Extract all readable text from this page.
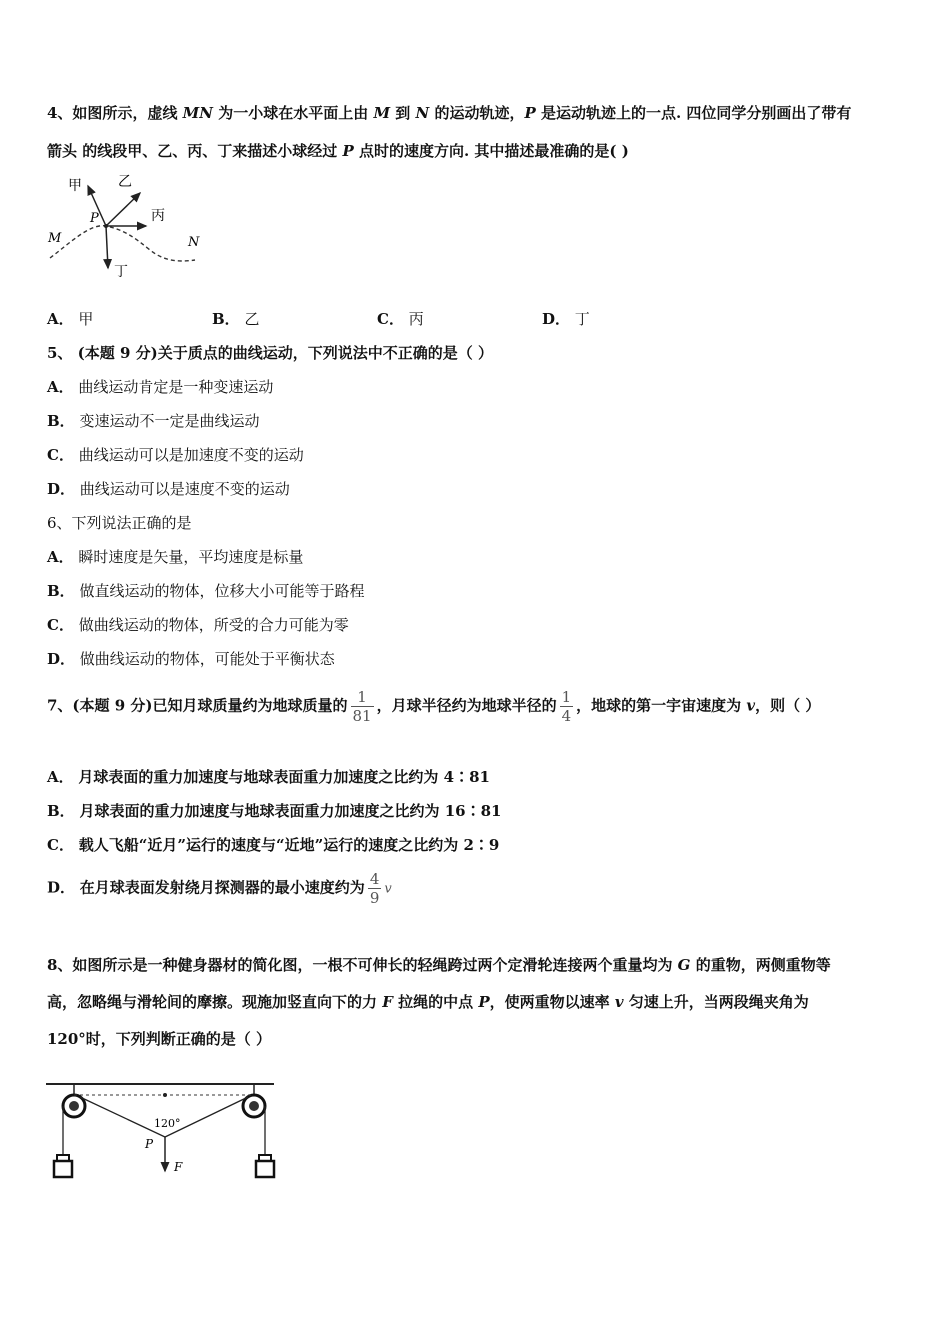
4、如图所示，虚线 MN 为一小球在水平面上由 M 到 N 的运动轨迹，P 是运动轨迹上的一点. 四位同学分别画出了带有
箭头 的线段甲、乙、丙、丁来描述小球经过 P 点时的速度方向. 其中描述最准确的是( )
甲	乙
丙
丁
P
M	N
A． 甲	B． 乙	C． 丙	D． 丁
5、 (本题 9 分)关于质点的曲线运动，下列说法中不正确的是（ ）
A． 曲线运动肯定是一种变速运动
B． 变速运动不一定是曲线运动
C． 曲线运动可以是加速度不变的运动
D． 曲线运动可以是速度不变的运动
6、下列说法正确的是
A． 瞬时速度是矢量，平均速度是标量
B． 做直线运动的物体，位移大小可能等于路程
C． 做曲线运动的物体，所受的合力可能为零
D． 做曲线运动的物体，可能处于平衡状态
7、(本题 9 分)已知月球质量约为地球质量的 $\frac{1}{81}$ ，月球半径约为地球半径的 $\frac{1}{4}$ ，地球的第一宇宙速度为 v，则（ ）
A． 月球表面的重力加速度与地球表面重力加速度之比约为 4∶81
B． 月球表面的重力加速度与地球表面重力加速度之比约为 16∶81
C． 载人飞船“近月”运行的速度与“近地”运行的速度之比约为 2∶9
D． 在月球表面发射绕月探测器的最小速度约为 $\frac{4}{9}$ v
8、如图所示是一种健身器材的简化图，一根不可伸长的轻绳跨过两个定滑轮连接两个重量均为 G 的重物，两侧重物等
高，忽略绳与滑轮间的摩擦。现施加竖直向下的力 F 拉绳的中点 P，使两重物以速率 v 匀速上升，当两段绳夹角为
120°时，下列判断正确的是（ ）
120°
P
F
